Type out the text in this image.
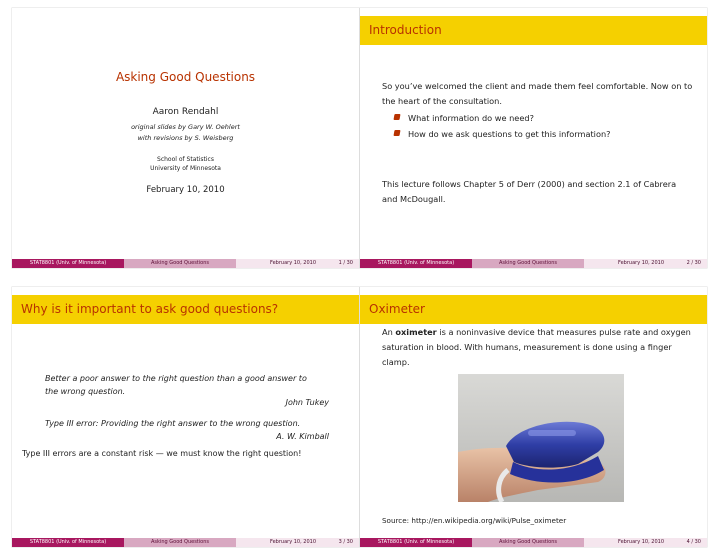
Asking Good Questions
Aaron Rendahl
original slides by Gary W. Oehlert
with revisions by S. Weisberg
School of Statistics
University of Minnesota
February 10, 2010
STAT8801 (Univ. of Minnesota)	Asking Good Questions	February 10, 2010	1 / 30
Introduction
So you’ve welcomed the client and made them feel comfortable. Now on to the heart of the consultation.
What information do we need?
How do we ask questions to get this information?
This lecture follows Chapter 5 of Derr (2000) and section 2.1 of Cabrera and McDougall.
STAT8801 (Univ. of Minnesota)	Asking Good Questions	February 10, 2010	2 / 30
Why is it important to ask good questions?
Better a poor answer to the right question than a good answer to the wrong question.
John Tukey
Type III error: Providing the right answer to the wrong question.
A. W. Kimball
Type III errors are a constant risk — we must know the right question!
STAT8801 (Univ. of Minnesota)	Asking Good Questions	February 10, 2010	3 / 30
Oximeter
An oximeter is a noninvasive device that measures pulse rate and oxygen saturation in blood. With humans, measurement is done using a finger clamp.
Source: http://en.wikipedia.org/wiki/Pulse_oximeter
STAT8801 (Univ. of Minnesota)	Asking Good Questions	February 10, 2010	4 / 30
